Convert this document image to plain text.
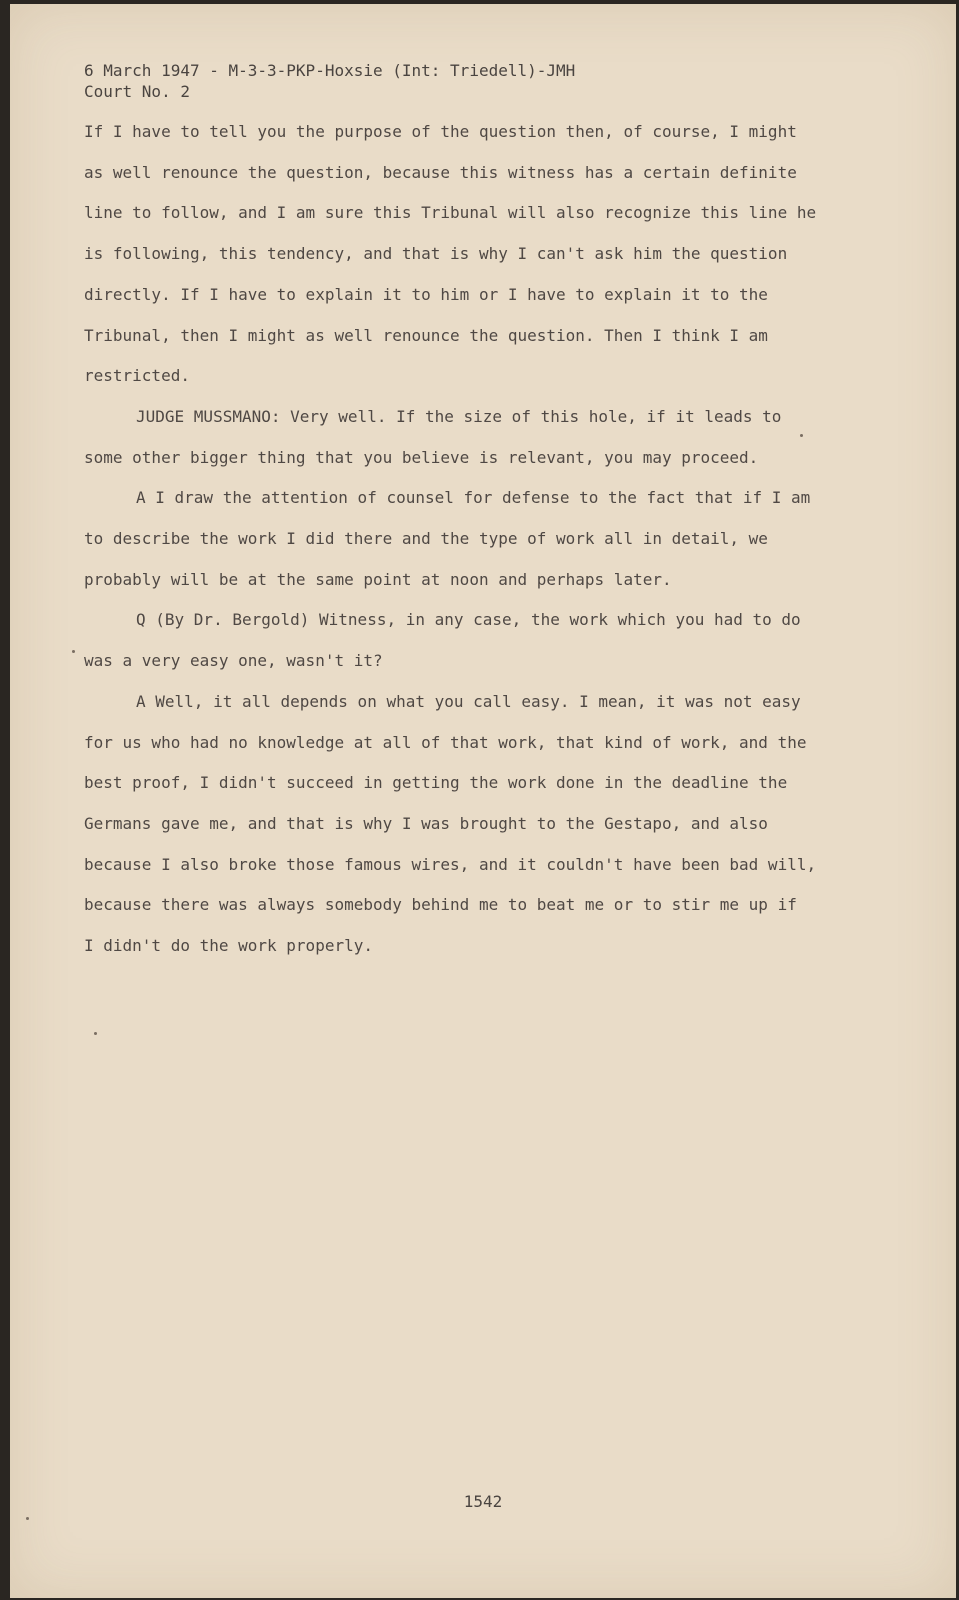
6 March 1947 - M-3-3-PKP-Hoxsie (Int: Triedell)-JMH
Court No. 2

If I have to tell you the purpose of the question then, of course, I might
as well renounce the question, because this witness has a certain definite
line to follow, and I am sure this Tribunal will also recognize this line he
is following, this tendency, and that is why I can't ask him the question
directly. If I have to explain it to him or I have to explain it to the
Tribunal, then I might as well renounce the question. Then I think I am
restricted.

JUDGE MUSSMANO: Very well. If the size of this hole, if it leads to
some other bigger thing that you believe is relevant, you may proceed.

A I draw the attention of counsel for defense to the fact that if I am
to describe the work I did there and the type of work all in detail, we
probably will be at the same point at noon and perhaps later.

Q (By Dr. Bergold) Witness, in any case, the work which you had to do
was a very easy one, wasn't it?

A Well, it all depends on what you call easy. I mean, it was not easy
for us who had no knowledge at all of that work, that kind of work, and the
best proof, I didn't succeed in getting the work done in the deadline the
Germans gave me, and that is why I was brought to the Gestapo, and also
because I also broke those famous wires, and it couldn't have been bad will,
because there was always somebody behind me to beat me or to stir me up if
I didn't do the work properly.

1542
